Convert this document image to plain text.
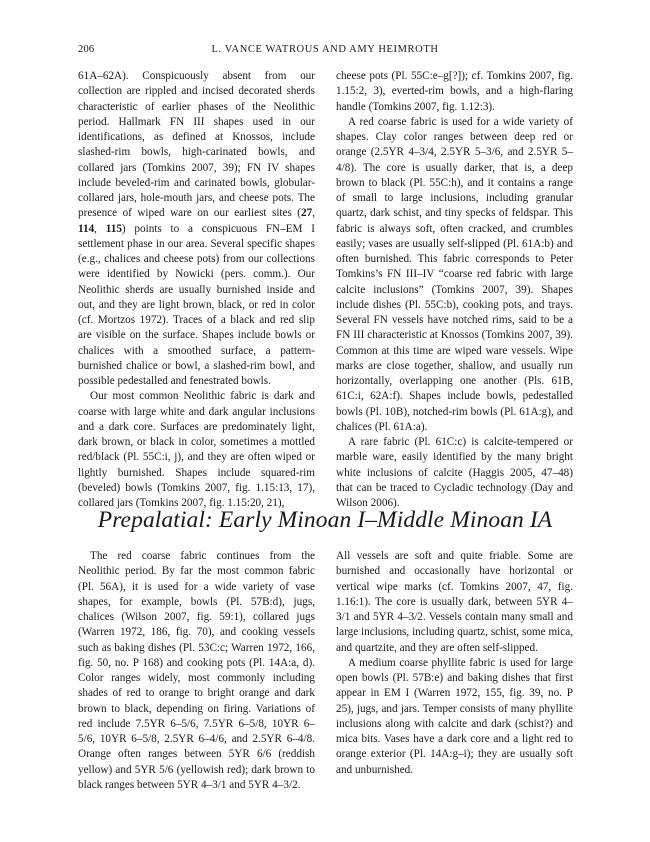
206	L. VANCE WATROUS AND AMY HEIMROTH

61A–62A). Conspicuously absent from our collection are rippled and incised decorated sherds characteristic of earlier phases of the Neolithic period. Hallmark FN III shapes used in our identifications, as defined at Knossos, include slashed-rim bowls, high-carinated bowls, and collared jars (Tomkins 2007, 39); FN IV shapes include beveled-rim and carinated bowls, globular-collared jars, hole-mouth jars, and cheese pots. The presence of wiped ware on our earliest sites (27, 114, 115) points to a conspicuous FN–EM I settlement phase in our area. Several specific shapes (e.g., chalices and cheese pots) from our collections were identified by Nowicki (pers. comm.). Our Neolithic sherds are usually burnished inside and out, and they are light brown, black, or red in color (cf. Mortzos 1972). Traces of a black and red slip are visible on the surface. Shapes include bowls or chalices with a smoothed surface, a pattern-burnished chalice or bowl, a slashed-rim bowl, and possible pedestalled and fenestrated bowls.

Our most common Neolithic fabric is dark and coarse with large white and dark angular inclusions and a dark core. Surfaces are predominately light, dark brown, or black in color, sometimes a mottled red/black (Pl. 55C:i, j), and they are often wiped or lightly burnished. Shapes include squared-rim (beveled) bowls (Tomkins 2007, fig. 1.15:13, 17), collared jars (Tomkins 2007, fig. 1.15:20, 21),

cheese pots (Pl. 55C:e–g[?]); cf. Tomkins 2007, fig. 1.15:2, 3), everted-rim bowls, and a high-flaring handle (Tomkins 2007, fig. 1.12:3).

A red coarse fabric is used for a wide variety of shapes. Clay color ranges between deep red or orange (2.5YR 4–3/4, 2.5YR 5–3/6, and 2.5YR 5–4/8). The core is usually darker, that is, a deep brown to black (Pl. 55C:h), and it contains a range of small to large inclusions, including granular quartz, dark schist, and tiny specks of feldspar. This fabric is always soft, often cracked, and crumbles easily; vases are usually self-slipped (Pl. 61A:b) and often burnished. This fabric corresponds to Peter Tomkins’s FN III–IV “coarse red fabric with large calcite inclusions” (Tomkins 2007, 39). Shapes include dishes (Pl. 55C:b), cooking pots, and trays. Several FN vessels have notched rims, said to be a FN III characteristic at Knossos (Tomkins 2007, 39). Common at this time are wiped ware vessels. Wipe marks are close together, shallow, and usually run horizontally, overlapping one another (Pls. 61B, 61C:i, 62A:f). Shapes include bowls, pedestalled bowls (Pl. 10B), notched-rim bowls (Pl. 61A:g), and chalices (Pl. 61A:a).

A rare fabric (Pl. 61C:c) is calcite-tempered or marble ware, easily identified by the many bright white inclusions of calcite (Haggis 2005, 47–48) that can be traced to Cycladic technology (Day and Wilson 2006).

Prepalatial: Early Minoan I–Middle Minoan IA

The red coarse fabric continues from the Neolithic period. By far the most common fabric (Pl. 56A), it is used for a wide variety of vase shapes, for example, bowls (Pl. 57B:d), jugs, chalices (Wilson 2007, fig. 59:1), collared jugs (Warren 1972, 186, fig. 70), and cooking vessels such as baking dishes (Pl. 53C:c; Warren 1972, 166, fig. 50, no. P 168) and cooking pots (Pl. 14A:a, d). Color ranges widely, most commonly including shades of red to orange to bright orange and dark brown to black, depending on firing. Variations of red include 7.5YR 6–5/6, 7.5YR 6–5/8, 10YR 6–5/6, 10YR 6–5/8, 2.5YR 6–4/6, and 2.5YR 6–4/8. Orange often ranges between 5YR 6/6 (reddish yellow) and 5YR 5/6 (yellowish red); dark brown to black ranges between 5YR 4–3/1 and 5YR 4–3/2.

All vessels are soft and quite friable. Some are burnished and occasionally have horizontal or vertical wipe marks (cf. Tomkins 2007, 47, fig. 1.16:1). The core is usually dark, between 5YR 4–3/1 and 5YR 4–3/2. Vessels contain many small and large inclusions, including quartz, schist, some mica, and quartzite, and they are often self-slipped.

A medium coarse phyllite fabric is used for large open bowls (Pl. 57B:e) and baking dishes that first appear in EM I (Warren 1972, 155, fig. 39, no. P 25), jugs, and jars. Temper consists of many phyllite inclusions along with calcite and dark (schist?) and mica bits. Vases have a dark core and a light red to orange exterior (Pl. 14A:g–i); they are usually soft and unburnished.
